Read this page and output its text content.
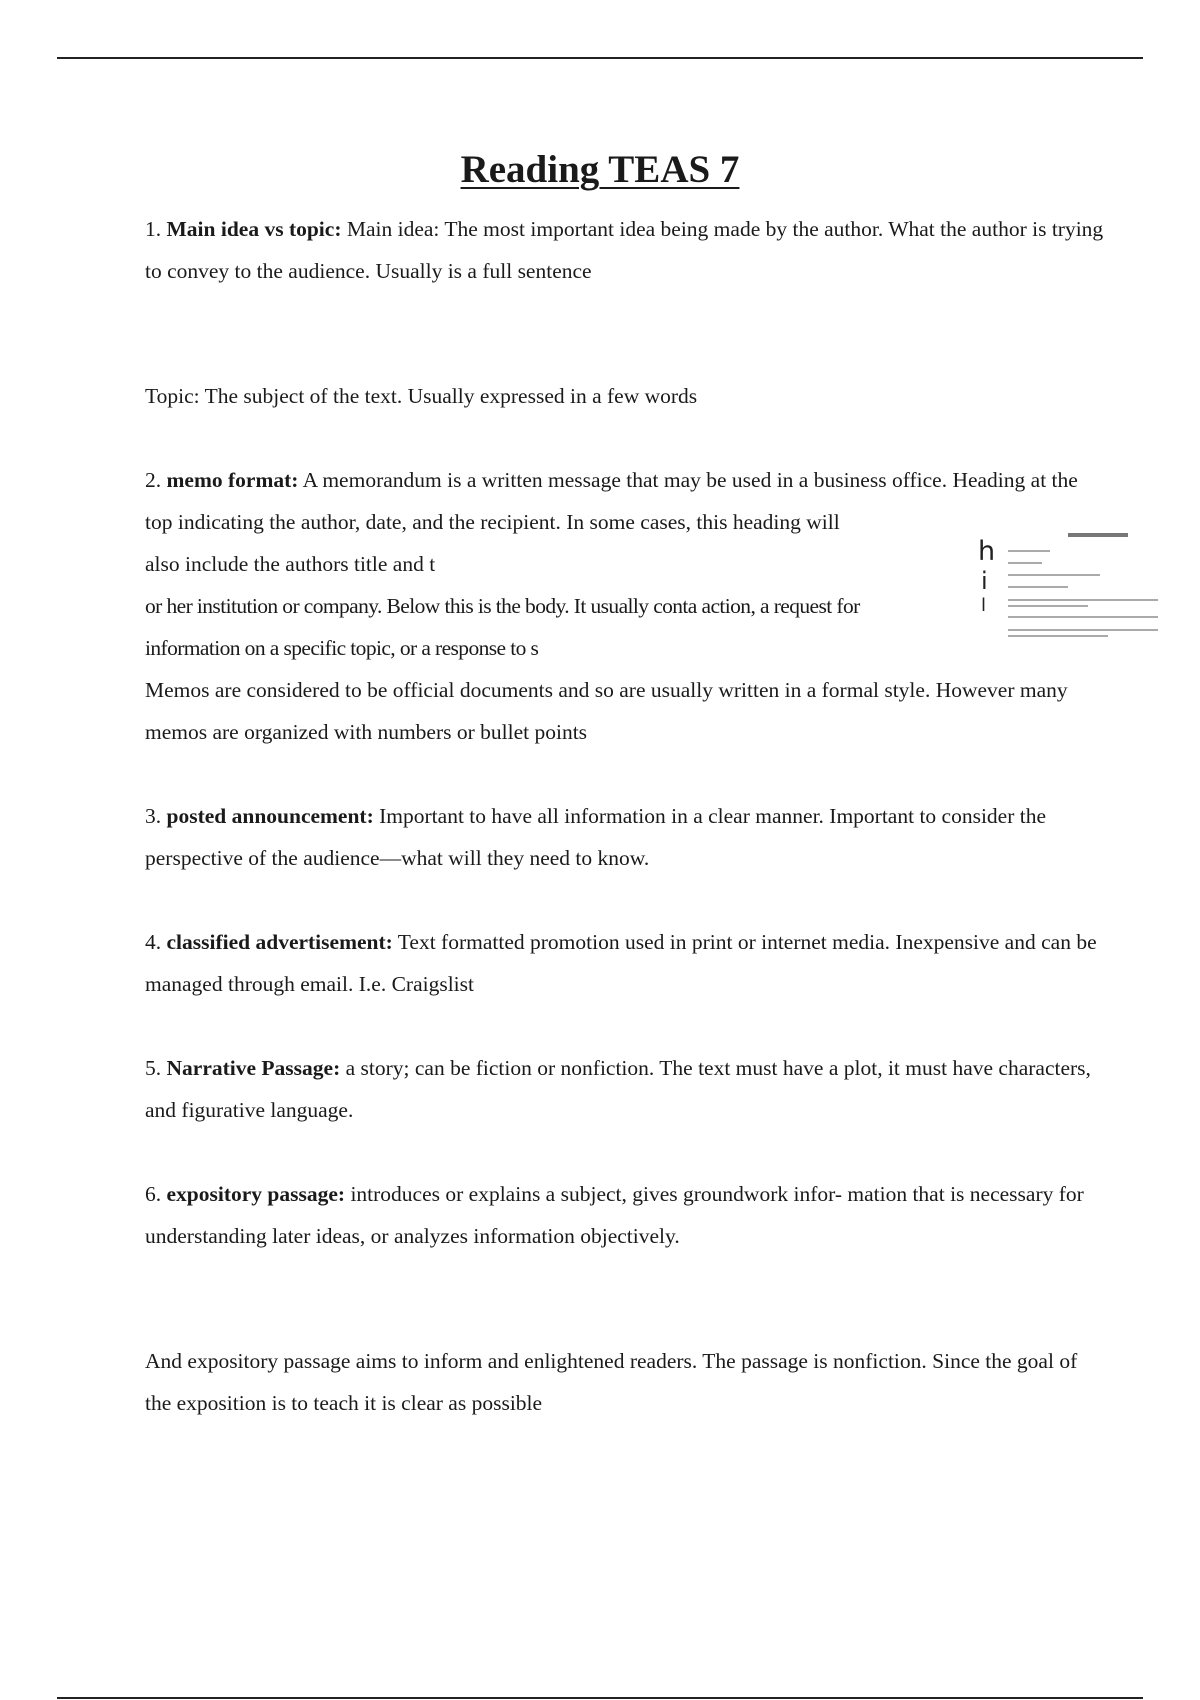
Reading TEAS 7

1. Main idea vs topic: Main idea: The most important idea being made by the author. What the author is trying to convey to the audience. Usually is a full sentence

Topic: The subject of the text. Usually expressed in a few words

2. memo format: A memorandum is a written message that may be used in a business office. Heading at the top indicating the author, date, and the recipient. In some cases, this heading will

also include the authors title and t

or her institution or company. Below this is the body. It usually conta action, a request for

information on a specific topic, or a response to s

Memos are considered to be official documents and so are usually written in a formal style. However many memos are organized with numbers or bullet points

3. posted announcement: Important to have all information in a clear manner. Important to consider the perspective of the audience—what will they need to know.

4. classified advertisement: Text formatted promotion used in print or internet media. Inexpensive and can be managed through email. I.e. Craigslist

5. Narrative Passage: a story; can be fiction or nonfiction. The text must have a plot, it must have characters, and figurative language.

6. expository passage: introduces or explains a subject, gives groundwork infor- mation that is necessary for understanding later ideas, or analyzes information objectively.

And expository passage aims to inform and enlightened readers. The passage is nonfiction. Since the goal of the exposition is to teach it is clear as possible

h
i
l
